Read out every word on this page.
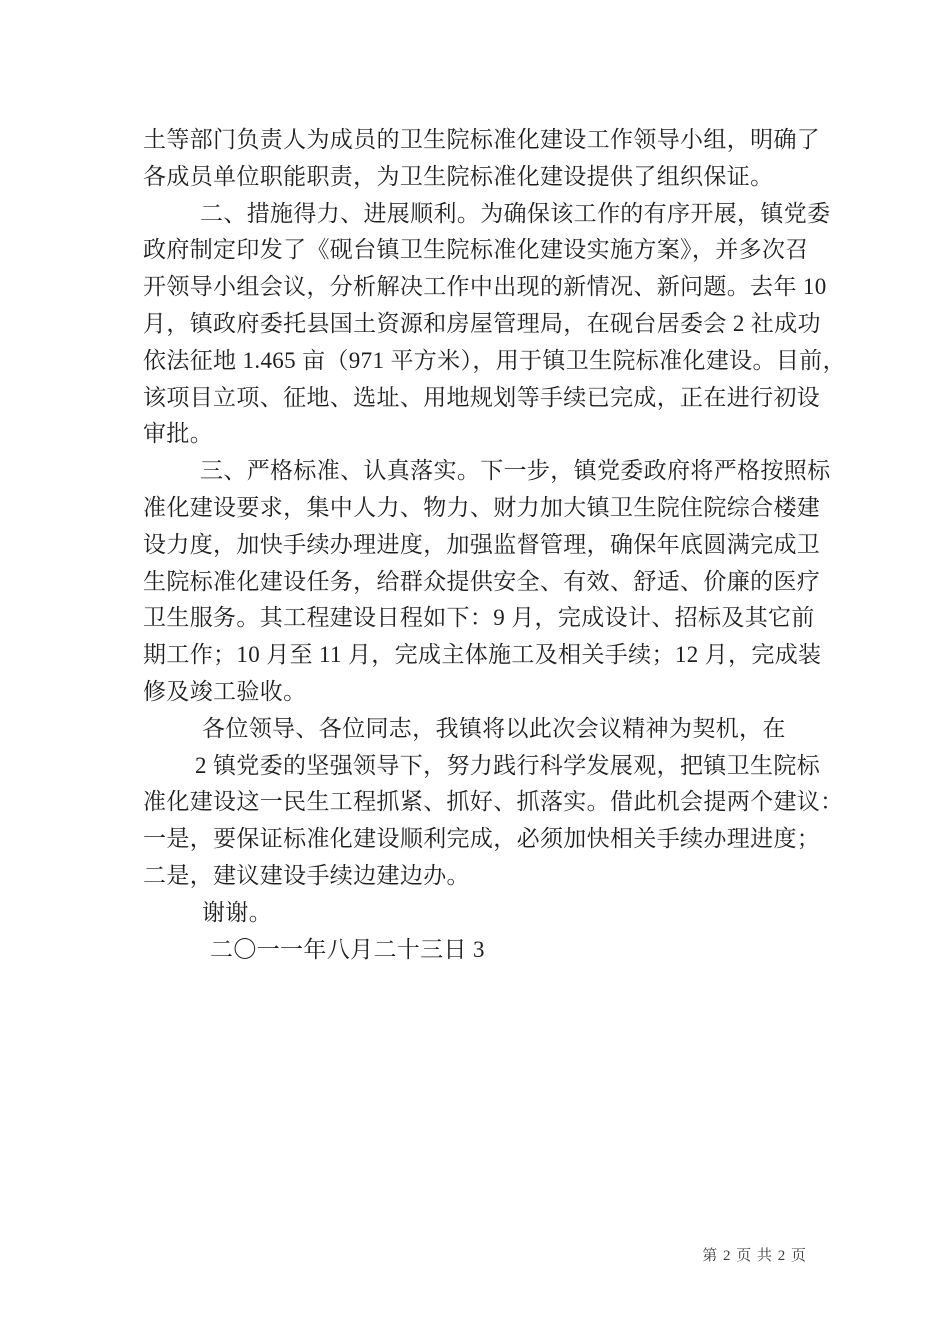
土等部门负责人为成员的卫生院标准化建设工作领导小组，明确了
各成员单位职能职责，为卫生院标准化建设提供了组织保证。
二、措施得力、进展顺利。为确保该工作的有序开展，镇党委
政府制定印发了《砚台镇卫生院标准化建设实施方案》，并多次召
开领导小组会议，分析解决工作中出现的新情况、新问题。去年 10
月，镇政府委托县国土资源和房屋管理局，在砚台居委会 2 社成功
依法征地 1.465 亩（971 平方米），用于镇卫生院标准化建设。目前，
该项目立项、征地、选址、用地规划等手续已完成，正在进行初设
审批。
三、严格标准、认真落实。下一步，镇党委政府将严格按照标
准化建设要求，集中人力、物力、财力加大镇卫生院住院综合楼建
设力度，加快手续办理进度，加强监督管理，确保年底圆满完成卫
生院标准化建设任务，给群众提供安全、有效、舒适、价廉的医疗
卫生服务。其工程建设日程如下：9 月，完成设计、招标及其它前
期工作；10 月至 11 月，完成主体施工及相关手续；12 月，完成装
修及竣工验收。
各位领导、各位同志，我镇将以此次会议精神为契机，在
2 镇党委的坚强领导下，努力践行科学发展观，把镇卫生院标
准化建设这一民生工程抓紧、抓好、抓落实。借此机会提两个建议：
一是，要保证标准化建设顺利完成，必须加快相关手续办理进度；
二是，建议建设手续边建边办。
谢谢。
二〇一一年八月二十三日 3
第 2 页 共 2 页
